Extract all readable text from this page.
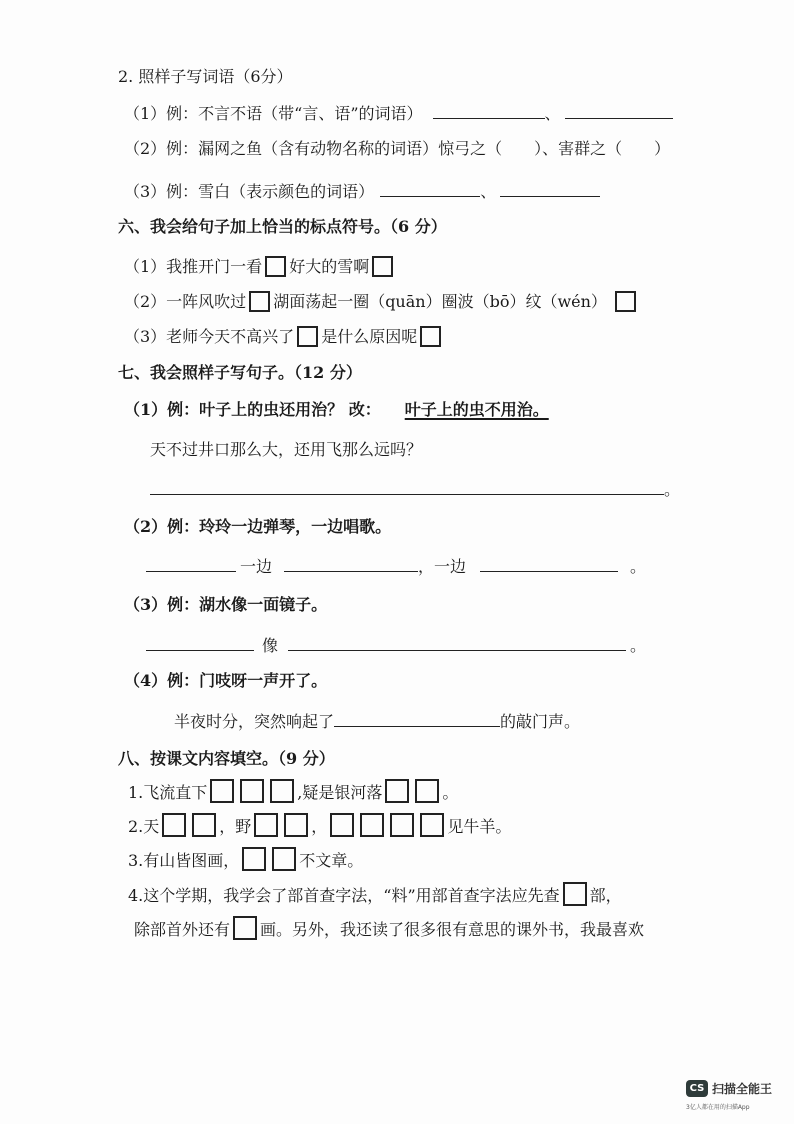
2. 照样子写词语（6分）
（1）例：不言不语（带“言、语”的词语）	、
（2）例：漏网之鱼（含有动物名称的词语）惊弓之（　　）、害群之（　　）
（3）例：雪白（表示颜色的词语）	、
六、我会给句子加上恰当的标点符号。（6 分）
（1）我推开门一看 好大的雪啊
（2）一阵风吹过 湖面荡起一圈（quān）圈波（bō）纹（wén）
（3）老师今天不高兴了 是什么原因呢
七、我会照样子写句子。（12 分）
（1）例：叶子上的虫还用治？ 改： 叶子上的虫不用治。
天不过井口那么大，还用飞那么远吗？
。
（2）例：玲玲一边弹琴，一边唱歌。
一边	，一边	。
（3）例：湖水像一面镜子。
像	。
（4）例：门吱呀一声开了。
半夜时分，突然响起了	的敲门声。
八、按课文内容填空。（9 分）
1.飞流直下	,疑是银河落	。
2.天	，野	，	见牛羊。
3.有山皆图画，	不文章。
4.这个学期，我学会了部首查字法，“料”用部首查字法应先查 部，
除部首外还有 画。另外，我还读了很多很有意思的课外书，我最喜欢
CS 扫描全能王
3亿人都在用的扫描App
